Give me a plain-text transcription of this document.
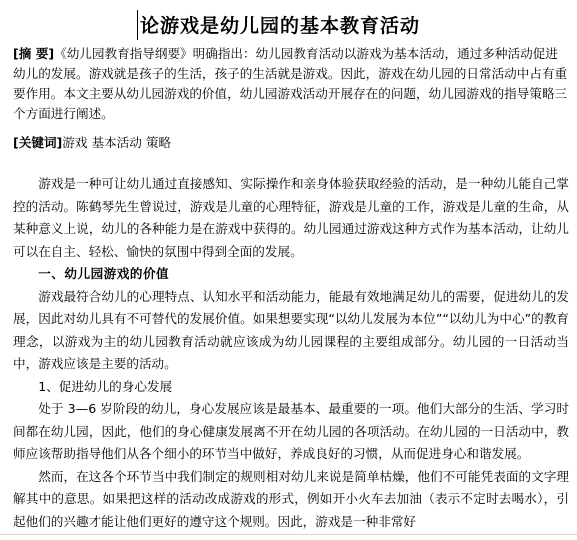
论游戏是幼儿园的基本教育活动
[摘 要]《幼儿园教育指导纲要》明确指出：幼儿园教育活动以游戏为基本活动，通过多种活动促进幼儿的发展。游戏就是孩子的生活，孩子的生活就是游戏。因此，游戏在幼儿园的日常活动中占有重要作用。本文主要从幼儿园游戏的价值，幼儿园游戏活动开展存在的问题，幼儿园游戏的指导策略三个方面进行阐述。
[关键词]游戏 基本活动 策略

游戏是一种可让幼儿通过直接感知、实际操作和亲身体验获取经验的活动，是一种幼儿能自己掌控的活动。陈鹤琴先生曾说过，游戏是儿童的心理特征，游戏是儿童的工作，游戏是儿童的生命，从某种意义上说，幼儿的各种能力是在游戏中获得的。幼儿园通过游戏这种方式作为基本活动，让幼儿可以在自主、轻松、愉快的氛围中得到全面的发展。

一、幼儿园游戏的价值

游戏最符合幼儿的心理特点、认知水平和活动能力，能最有效地满足幼儿的需要，促进幼儿的发展，因此对幼儿具有不可替代的发展价值。如果想要实现“以幼儿发展为本位”“以幼儿为中心”的教育理念，以游戏为主的幼儿园教育活动就应该成为幼儿园课程的主要组成部分。幼儿园的一日活动当中，游戏应该是主要的活动。

1、促进幼儿的身心发展

处于 3—6 岁阶段的幼儿，身心发展应该是最基本、最重要的一项。他们大部分的生活、学习时间都在幼儿园，因此，他们的身心健康发展离不开在幼儿园的各项活动。在幼儿园的一日活动中，教师应该帮助指导他们从各个细小的环节当中做好，养成良好的习惯，从而促进身心和谐发展。

然而，在这各个环节当中我们制定的规则相对幼儿来说是简单枯燥，他们不可能凭表面的文字理解其中的意思。如果把这样的活动改成游戏的形式，例如开小火车去加油（表示不定时去喝水），引起他们的兴趣才能让他们更好的遵守这个规则。因此，游戏是一种非常好
